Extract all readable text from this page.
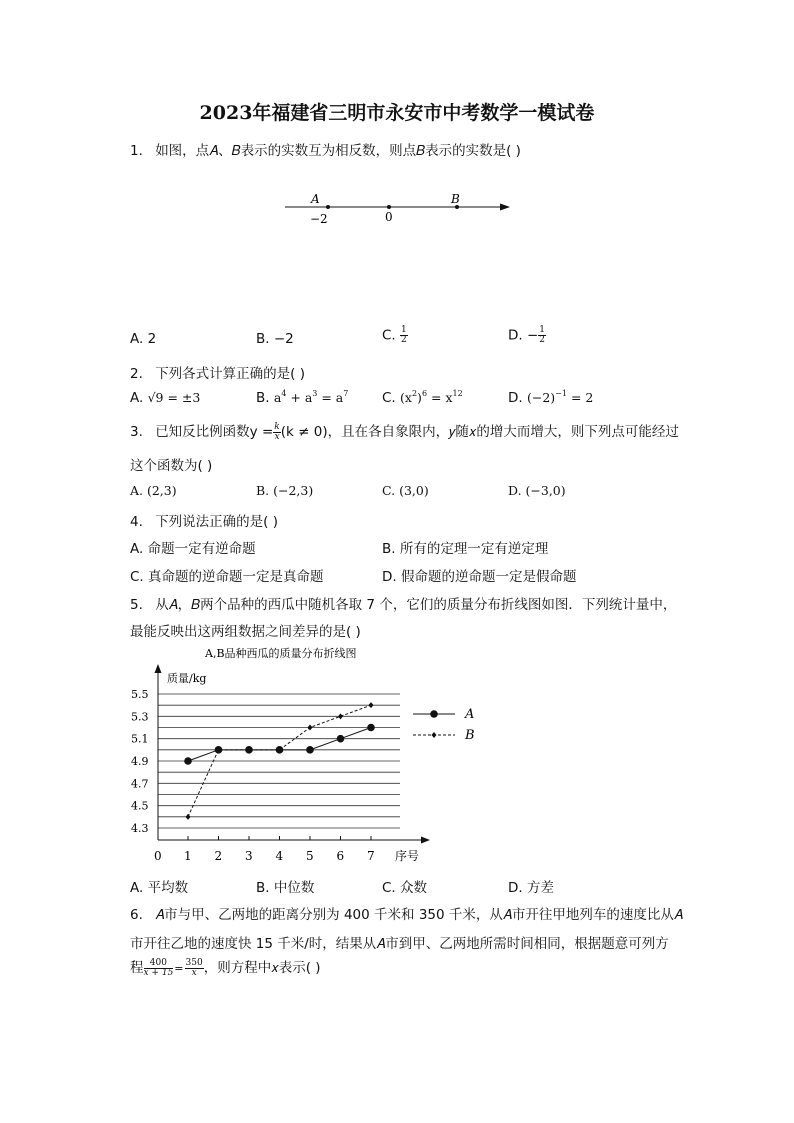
2023年福建省三明市永安市中考数学一模试卷
1. 如图，点𝐴、𝐵表示的实数互为相反数，则点𝐵表示的实数是( )
A	B
−2	0
A. 2	B. −2	C. $\frac{1}{2}$	D. − $\frac{1}{2}$
2. 下列各式计算正确的是( )
A. √9 = ±3	B. $a^4 + a^3 = a^7$ C. $(x^2)^6 = x^{12}$	D. $(-2)^{-1} = 2$
3. 已知反比例函数$y = \frac{k}{x} (k \ne 0)$，且在各自象限内，𝑦随𝑥的增大而增大，则下列点可能经过
这个函数为( )
A. (2,3)	B. (−2,3)	C. (3,0)	D. (−3,0)
4. 下列说法正确的是( )
A. 命题一定有逆命题	B. 所有的定理一定有逆定理
C. 真命题的逆命题一定是真命题	D. 假命题的逆命题一定是假命题
5. 从𝐴，𝐵两个品种的西瓜中随机各取 7 个，它们的质量分布折线图如图．下列统计量中，
最能反映出这两组数据之间差异的是( )
A,B品种西瓜的质量分布折线图
质量/kg
序号
0
4.3
4.5
4.7
4.9
5.1
5.3
5.5
1 2 3 4 5 6 7
A
B
A. 平均数	B. 中位数	C. 众数	D. 方差
6. 𝐴市与甲、乙两地的距离分别为 400 千米和 350 千米，从𝐴市开往甲地列车的速度比从𝐴
市开往乙地的速度快 15 千米/时，结果从𝐴市到甲、乙两地所需时间相同，根据题意可列方
程 $\frac{400}{x + 15} = \frac{350}{x}$ ，则方程中𝑥表示( )
